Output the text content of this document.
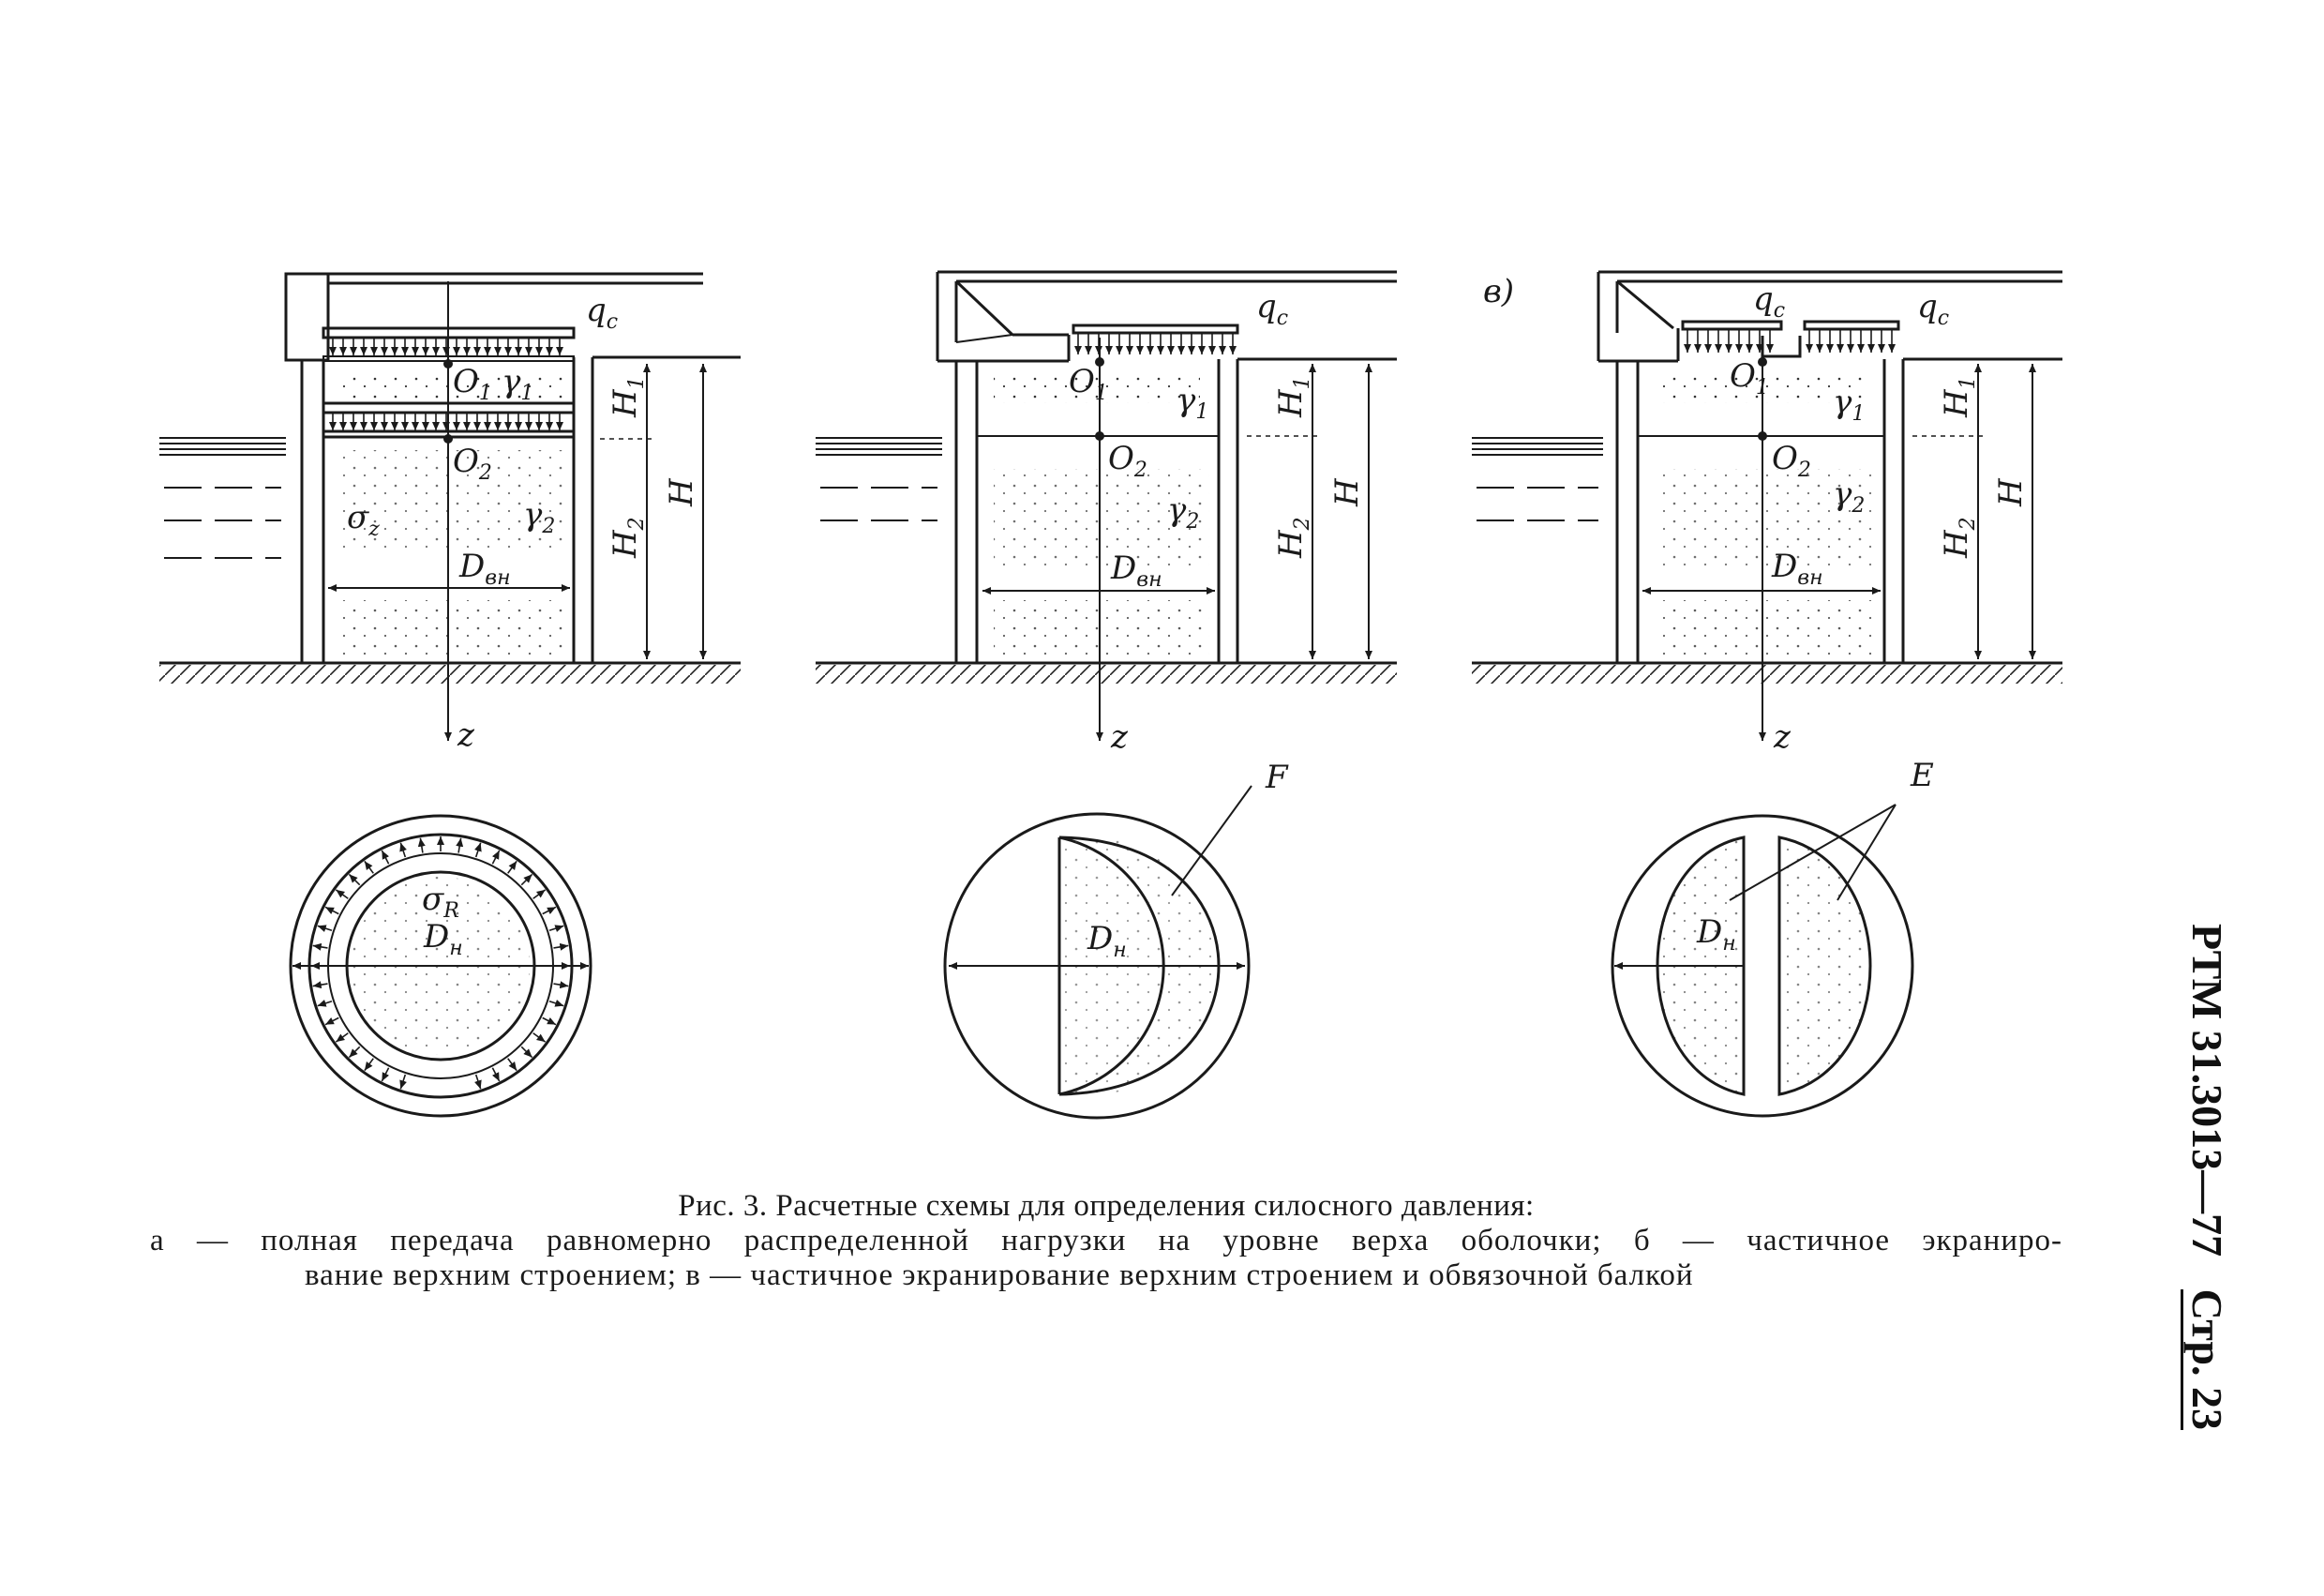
$q_c$
$O_1$ $\gamma_1$
$O_2$
$\gamma_2$
$\sigma_z$
$D_{вн}$
z
$H_1$
$H_2$
H
$\sigma_R$
$D_н$
$q_c$
$O_1$ $\gamma_1$
$O_2$
$\gamma_2$
$D_{вн}$
z
$H_1$
$H_2$
H
F
$D_н$
в)	$q_c$	$q_c$
$O_1$ $\gamma_1$
$O_2$
$\gamma_2$
$D_{вн}$
z
$H_1$
$H_2$
H
E
$D_н$
Рис. 3. Расчетные схемы для определения силосного давления:
а — полная передача равномерно распределенной нагрузки на уровне верха оболочки; б — частичное экраниро-
вание верхним строением; в — частичное экранирование верхним строением и обвязочной балкой
РТМ 31.3013—77   Стр. 23
